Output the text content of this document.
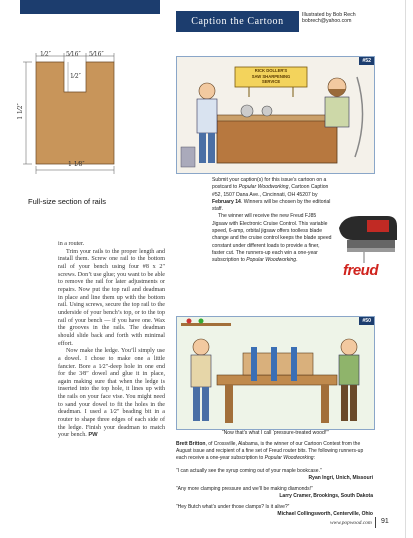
1⁄2″	5⁄16″ 5⁄16″
1⁄2″
1 1⁄2″
1 1⁄8″
Full-size section of rails

in a router.

Trim your rails to the proper length and install them. Screw one rail to the bottom rail of your bench using four #8 x 2″ screws. Don’t use glue; you want to be able to remove the rail for later adjustments or repairs. Now put the top rail and deadman in place and line them up with the bottom rail. Using screws, secure the top rail to the underside of your bench’s top, or to the top rail of your bench — if you have one. Wax the grooves in the rails. The deadman should slide back and forth with minimal effort.

Now make the ledge. You’ll simply use a dowel. I chose to make one a little fancier. Bore a 1⁄2″-deep hole in one end for the 3⁄8″ dowel and glue it in place, again making sure that when the ledge is inserted into the top hole, it lines up with the rails on your face vise. You might need to sand your dowel to fit the holes in the deadman. I used a 1⁄2″ beading bit in a router to shape three edges of each side of the ledge. Finish your deadman to match your bench. PW

Caption the Cartoon
Illustrated by Bob Rech
bobrech@yahoo.com
#52
RICK DOLLER'S
SAW SHARPENING
SERVICE

Submit your caption(s) for this issue’s cartoon on a postcard to Popular Woodworking, Cartoon Caption #52, 1507 Dana Ave., Cincinnati, OH 45207 by February 14. Winners will be chosen by the editorial staff.

The winner will receive the new Freud FJ85 Jigsaw with Electronic Cruise Control. This variable speed, 6-amp, orbital jigsaw offers toolless blade change and the cruise control keeps the blade speed constant under different loads to provide a finer, faster cut. The runners-up each win a one-year subscription to Popular Woodworking.

freud
#50
“Now that’s what I call ‘pressure-treated wood!’”

Brett Britton, of Crossville, Alabama, is the winner of our Cartoon Contest from the August issue and recipient of a fine set of Freud router bits. The following runners-up each receive a one-year subscription to Popular Woodworking:

“I can actually see the syrup coming out of your maple bookcase.”

Ryan Ingri, Unich, Missouri

“Any more clamping pressure and we’ll be making diamonds!”

Larry Cramer, Brookings, South Dakota

“Hey Butch what’s under those clamps? Is it alive?”

Michael Collingsworth, Centerville, Ohio

www.popwood.com 91
